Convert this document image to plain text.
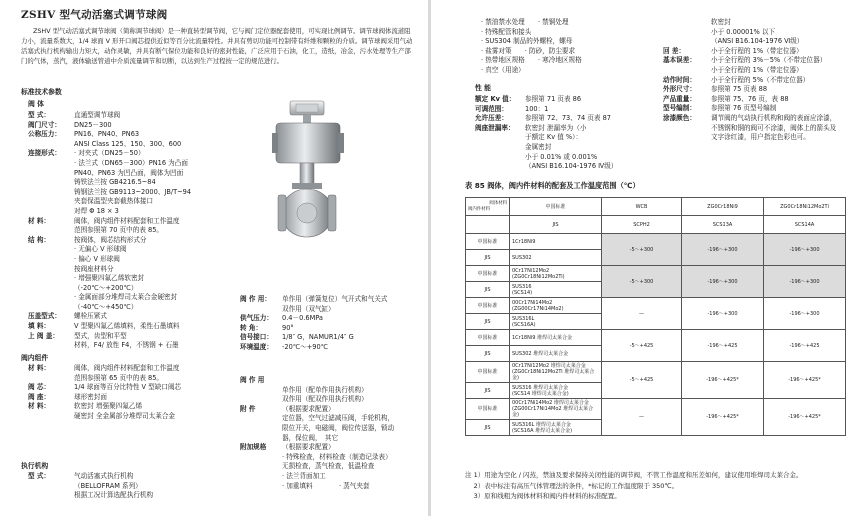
ZSHV 型气动活塞式调节球阀
ZSHV 型气动活塞式调节球阀（简称调节球阀）是一种直转型调节阀，它与阀门定位器配套使用，可实现比例调节。调节球阀体流道阻力小，流量系数大，1/4 球面 V 形开口阀芯提供近似等百分比流量特性。并具有剪切功能可控制带有纤维和颗粒的介质。调节球阀采用气动活塞式执行机构输出力矩大，动作灵敏，并具有断气保位功能和良好的密封性能，广泛应用于石油，化工，造纸，冶金，污水处理等生产部门的气体，蒸汽，液体输送管道中介质流量调节和切断，以达到生产过程按一定的规范进行。
标准技术参数
阀 体
型 式：	直通型调节球阀
阀门尺寸：	DN25－300
公称压力：	PN16、PN40、PN63
ANSI Class 125、150、300、600
连接形式：	· 对夹式（DN25－50）
· 法兰式（DN65－300）PN16 为凸面
PN40、PN63 为凹凸面，阀体为凹面
铸铁法兰按 GB4216.5~84
铸钢法兰按 GB9113~2000、JB/T~94
夹套保温型夹套截热体接口
对焊 Φ 18 × 3
材 料：	阀体，阀内组件材料配套和工作温度
范围参照第 70 页中的表 85。
结 构：	按阀体，阀芯结构形式分
· 无偏心 V 形球阀
· 偏心 V 形球阀
按阀座材料分
· 增强聚四氟乙烯软密封
（-20℃～+200℃）
· 金属面部分堆焊司太莱合金硬密封
（-40℃～+450℃）
压盖型式：	螺栓压紧式
填 料：	V 型聚四氟乙烯填料，柔性石墨填料
上 阀 盖：	型式，齿型和平型
材料，F4/ 放性 F4，不锈钢 + 石墨
阀内组件
材 料：	阀体，阀内组件材料配套和工作温度
范围参照第 65 页中的表 85。
阀 芯：	1/4 球面等百分比特性 V 型缺口阀芯
阀 座：	球形密封面
材 料：	软密封 增强聚四氟乙烯
硬密封 全金属部分堆焊司太莱合金
执行机构
型 式：	气动活塞式执行机构
（BELLOFRAM 系列）
根据工况计算选配执行机构
阀 作 用：	单作用（弹簧复位）气开式和气关式
双作用（双气缸）
供气压力：	0.4－0.6MPa
转 角：	90°
信号接口：	1/8″ G，NAMUR1/4″ G
环境温度：	-20℃～+90℃
阀 作 用
单作用（配单作用执行机构）
双作用（配双作用执行机构）
附 件	（根据要求配置）
定位器，空气过滤减压阀，手轮机构，
限位开关，电磁阀，阀位传送器，锁动
器，保位阀，　其它
附加规格	（根据要求配置）
· 特殊检查，材料检查（制造记录表）
无损检查，蒸气检查，低温检查
· 法兰背面加工
· 加重填料　　　　· 蒸气夹套
· 禁油禁水处理　　· 禁铜处理
· 特殊配管和接头
· SUS304 制品的外螺栓，螺母
· 盐雾对策　　· 防砂，防尘要求
· 热带地区规格　　· 寒冷地区规格
· 真空（用途）
性 能
额定 Kv 值：	参照第 71 页表 86
可调范围：	100：1
允许压差：	参照第 72、73、74 页表 87
阀座泄漏率：	软密封 泄漏率为（小
于额定 Kv 值 %）：
金属密封
小于 0.01% 或 0.001%
（ANSI B16.104-1976 Ⅳ级）
软密封
小于 0.00001% 以下
（ANSI B16.104-1976 Ⅵ级）
回 差：	小于全行程的 1%（带定位器）
基本误差：	小于全行程的 3%－5%（不带定位器）
小于全行程的 1%（带定位器）
动作时间：	小于全行程的 5%（不带定位器）
外形尺寸：	参照第 75 页表 88
产品重量：	参照第 75、76 页，表 88
型号编制：	参照第 76 页型号编制
涂漆颜色：	调节阀的气动执行机构和阀的表面应涂漆，
不锈钢和铜的阀可不涂漆，阀体上的箭头及
文字涂红漆，用户指定色彩也可。
表 85 阀体，阀内件材料的配套及工作温度范围（℃）
阀体材料
阀内件材料	中国标准	WCB	ZG0Cr18Ni9	ZG0Cr18Ni12Mo2Ti
	JIS	SCPH2	SCS13A	SCS14A
中国标准	1Cr18Ni9	-5～+300	-196～+300	-196～+300
JIS	SUS302			
中国标准	0Cr17Ni12Mo2
(ZG0Cr18Ni12Mo2Ti)	-5～+300	-196～+300	-196～+300
JIS	SUS316
(SCS14)			
中国标准	00Cr17Ni14Mo2
(ZG00Cr17Ni14Mo2)	—	-196～+300	-196～+300
JIS	SUS316L
(SCS16A)			
中国标准	1Cr18Ni9 堆焊司太莱合金	-5～+425	-196～+425	-196～+425
JIS	SUS302 堆焊司太莱合金			
中国标准	0Cr17Ni12Mo2 堆焊司太莱合金
(ZG0Cr18Ni12Mo2Ti 堆焊司太莱合金)	-5～+425	-196～+425*	-196～+425*
JIS	SUS316 堆焊司太莱合金
(SCS14 堆焊司太莱合金)			
中国标准	00Cr17Ni14Mo2 堆焊司太莱合金
(ZG00Cr17Ni14Mo2 堆焊司太莱合金)	—	-196～+425*	-196～+425*
JIS	SUS316L 堆焊司太莱合金
(SCS16A 堆焊司太莱合金)			
注 1）用途为空化 / 闪蒸，禁油及要求保持关闭性能的调节阀，不管工作温度和压差如何，建议使用堆焊司太莱合金。
　 2）表中标注有高压气体管理法的条件，*标记的工作温度限于 350℃。
　 3）原和线粗为阀体材料和阀内件材料的标准配置。
